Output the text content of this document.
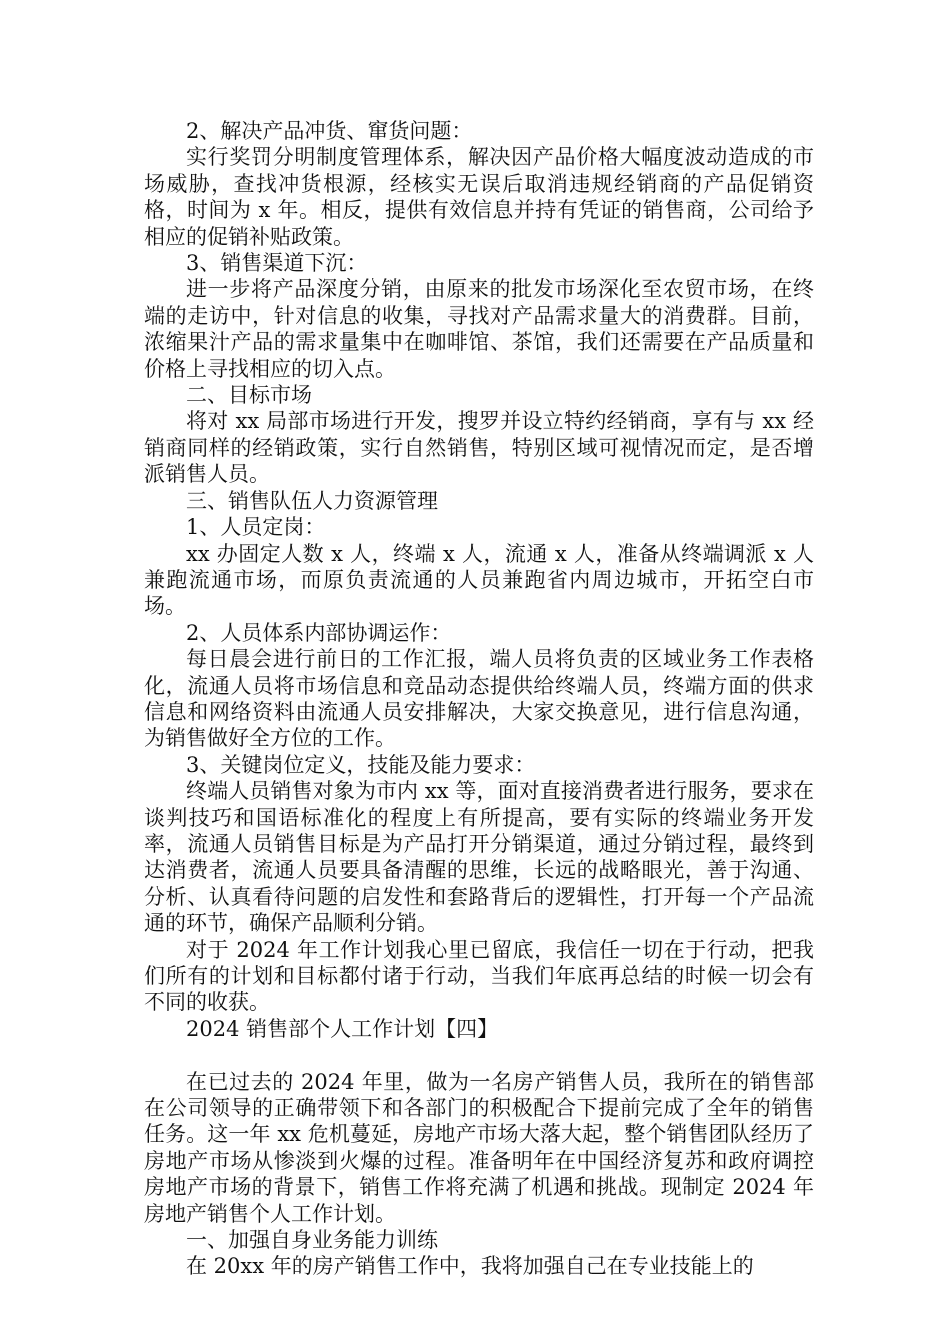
2、解决产品冲货、窜货问题：

实行奖罚分明制度管理体系，解决因产品价格大幅度波动造成的市场威胁，查找冲货根源，经核实无误后取消违规经销商的产品促销资格，时间为 x 年。相反，提供有效信息并持有凭证的销售商，公司给予相应的促销补贴政策。

3、销售渠道下沉：

进一步将产品深度分销，由原来的批发市场深化至农贸市场，在终端的走访中，针对信息的收集，寻找对产品需求量大的消费群。目前，浓缩果汁产品的需求量集中在咖啡馆、茶馆，我们还需要在产品质量和价格上寻找相应的切入点。

二、目标市场

将对 xx 局部市场进行开发，搜罗并设立特约经销商，享有与 xx 经销商同样的经销政策，实行自然销售，特别区域可视情况而定，是否增派销售人员。

三、销售队伍人力资源管理

1、人员定岗：

xx 办固定人数 x 人，终端 x 人，流通 x 人，准备从终端调派 x 人兼跑流通市场，而原负责流通的人员兼跑省内周边城市，开拓空白市场。

2、人员体系内部协调运作：

每日晨会进行前日的工作汇报，端人员将负责的区域业务工作表格化，流通人员将市场信息和竞品动态提供给终端人员，终端方面的供求信息和网络资料由流通人员安排解决，大家交换意见，进行信息沟通，为销售做好全方位的工作。

3、关键岗位定义，技能及能力要求：

终端人员销售对象为市内 xx 等，面对直接消费者进行服务，要求在谈判技巧和国语标准化的程度上有所提高，要有实际的终端业务开发率，流通人员销售目标是为产品打开分销渠道，通过分销过程，最终到达消费者，流通人员要具备清醒的思维，长远的战略眼光，善于沟通、分析、认真看待问题的启发性和套路背后的逻辑性，打开每一个产品流通的环节，确保产品顺利分销。

对于 2024 年工作计划我心里已留底，我信任一切在于行动，把我们所有的计划和目标都付诸于行动，当我们年底再总结的时候一切会有不同的收获。

2024 销售部个人工作计划【四】

在已过去的 2024 年里，做为一名房产销售人员，我所在的销售部在公司领导的正确带领下和各部门的积极配合下提前完成了全年的销售任务。这一年 xx 危机蔓延，房地产市场大落大起，整个销售团队经历了房地产市场从惨淡到火爆的过程。准备明年在中国经济复苏和政府调控房地产市场的背景下，销售工作将充满了机遇和挑战。现制定 2024 年房地产销售个人工作计划。

一、加强自身业务能力训练

在 20xx 年的房产销售工作中，我将加强自己在专业技能上的
